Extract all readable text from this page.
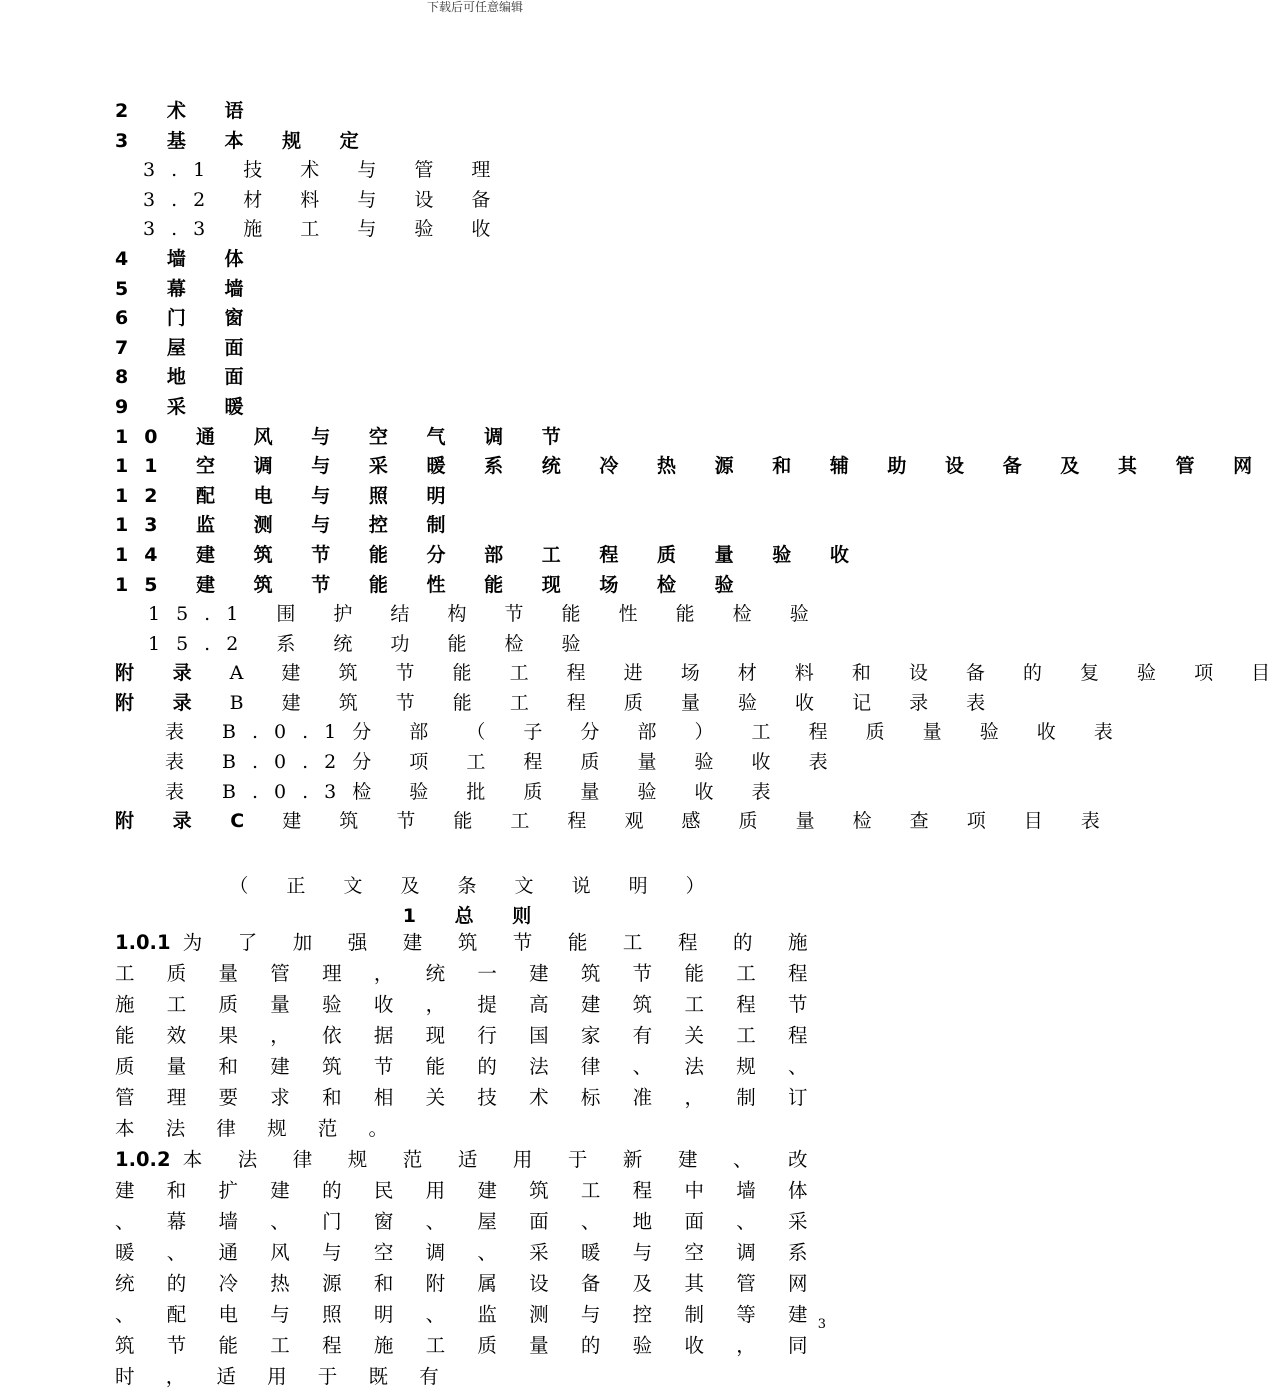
下载后可任意编辑
2 术 语
3 基 本 规 定
3.1 技 术 与 管 理
3.2 材 料 与 设 备
3.3 施 工 与 验 收
4 墙 体
5 幕 墙
6 门 窗
7 屋 面
8 地 面
9 采 暖
10 通 风 与 空 气 调 节
11 空 调 与 采 暖 系 统 冷 热 源 和 辅 助 设 备 及 其 管 网
12 配 电 与 照 明
13 监 测 与 控 制
14 建 筑 节 能 分 部 工 程 质 量 验 收
15 建 筑 节 能 性 能 现 场 检 验
15.1 围 护 结 构 节 能 性 能 检 验
15.2 系 统 功 能 检 验
附 录 A 建 筑 节 能 工 程 进 场 材 料 和 设 备 的 复 验 项 目
附 录 B 建 筑 节 能 工 程 质 量 验 收 记 录 表
表 B.0.1分 部 （ 子 分 部 ） 工 程 质 量 验 收 表
表 B.0.2分 项 工 程 质 量 验 收 表
表 B.0.3检 验 批 质 量 验 收 表
附 录 C 建 筑 节 能 工 程 观 感 质 量 检 查 项 目 表
（ 正 文 及 条 文 说 明 ）
1 总 则

1.0.1 为 了 加 强 建 筑 节 能 工 程 的 施 工 质 量 管 理 ， 统 一 建 筑 节 能 工 程 施 工 质 量 验 收 ， 提 高 建 筑 工 程 节 能 效 果 ， 依 据 现 行 国 家 有 关 工 程 质 量 和 建 筑 节 能 的 法 律 、 法 规 、 管 理 要 求 和 相 关 技 术 标 准 ， 制 订 本 法 律 规 范 。

1.0.2 本 法 律 规 范 适 用 于 新 建 、 改 建 和 扩 建 的 民 用 建 筑 工 程 中 墙 体 、 幕 墙 、 门 窗 、 屋 面 、 地 面 、 采 暖 、 通 风 与 空 调 、 采 暖 与 空 调 系 统 的 冷 热 源 和 附 属 设 备 及 其 管 网 、 配 电 与 照 明 、 监 测 与 控 制 等 建 筑 节 能 工 程 施 工 质 量 的 验 收 ， 同 时 ， 适 用 于 既 有

3
